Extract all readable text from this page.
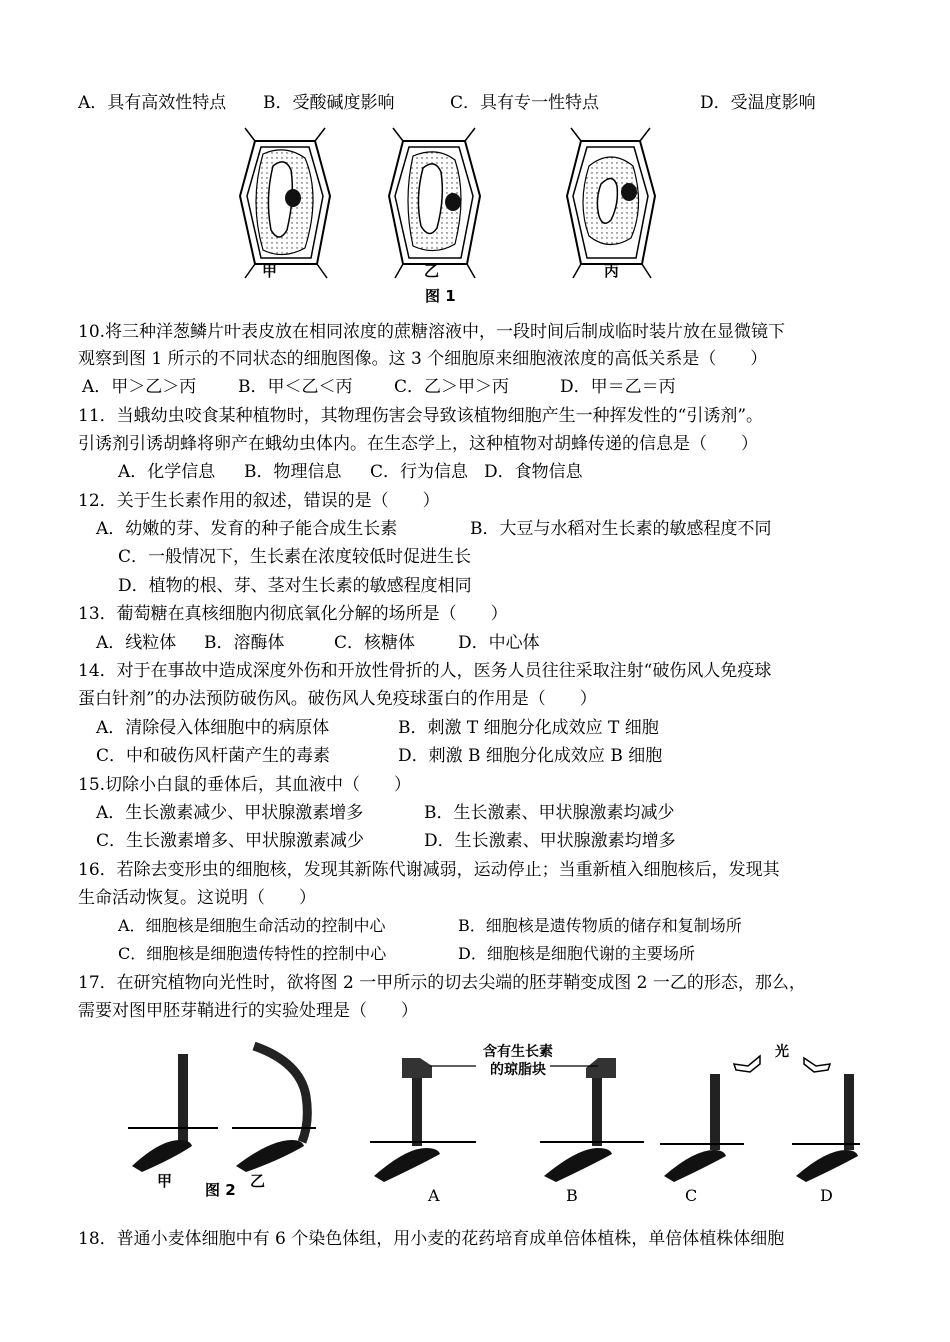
A．具有高效性特点 B．受酸碱度影响	C．具有专一性特点	D．受温度影响
甲	乙	丙
图 1
10.将三种洋葱鳞片叶表皮放在相同浓度的蔗糖溶液中，一段时间后制成临时装片放在显微镜下
观察到图 1 所示的不同状态的细胞图像。这 3 个细胞原来细胞液浓度的高低关系是（　　）
A．甲＞乙＞丙 B．甲＜乙＜丙 C．乙＞甲＞丙	D．甲＝乙＝丙
11．当蛾幼虫咬食某种植物时，其物理伤害会导致该植物细胞产生一种挥发性的“引诱剂”。
引诱剂引诱胡蜂将卵产在蛾幼虫体内。在生态学上，这种植物对胡蜂传递的信息是（　　）
A．化学信息 B．物理信息 C．行为信息 D．食物信息
12．关于生长素作用的叙述，错误的是（　　）
A．幼嫩的芽、发育的种子能合成生长素	B．大豆与水稻对生长素的敏感程度不同
C．一般情况下，生长素在浓度较低时促进生长
D．植物的根、芽、茎对生长素的敏感程度相同
13．葡萄糖在真核细胞内彻底氧化分解的场所是（　　）
A．线粒体 B．溶酶体	C．核糖体	D．中心体
14．对于在事故中造成深度外伤和开放性骨折的人，医务人员往往采取注射“破伤风人免疫球
蛋白针剂”的办法预防破伤风。破伤风人免疫球蛋白的作用是（　　）
A．清除侵入体细胞中的病原体	B．刺激 T 细胞分化成效应 T 细胞
C．中和破伤风杆菌产生的毒素	D．刺激 B 细胞分化成效应 B 细胞
15.切除小白鼠的垂体后，其血液中（　　）
A．生长激素减少、甲状腺激素增多	B．生长激素、甲状腺激素均减少
C．生长激素增多、甲状腺激素减少	D．生长激素、甲状腺激素均增多
16．若除去变形虫的细胞核，发现其新陈代谢减弱，运动停止；当重新植入细胞核后，发现其
生命活动恢复。这说明（　　）
A．细胞核是细胞生命活动的控制中心	B．细胞核是遗传物质的储存和复制场所
C．细胞核是细胞遗传特性的控制中心	D．细胞核是细胞代谢的主要场所
17．在研究植物向光性时，欲将图 2 一甲所示的切去尖端的胚芽鞘变成图 2 一乙的形态，那么，
需要对图甲胚芽鞘进行的实验处理是（　　）
甲 图 2 乙
含有生长素
的琼脂块
光
A	B	C	D
18．普通小麦体细胞中有 6 个染色体组，用小麦的花药培育成单倍体植株，单倍体植株体细胞
